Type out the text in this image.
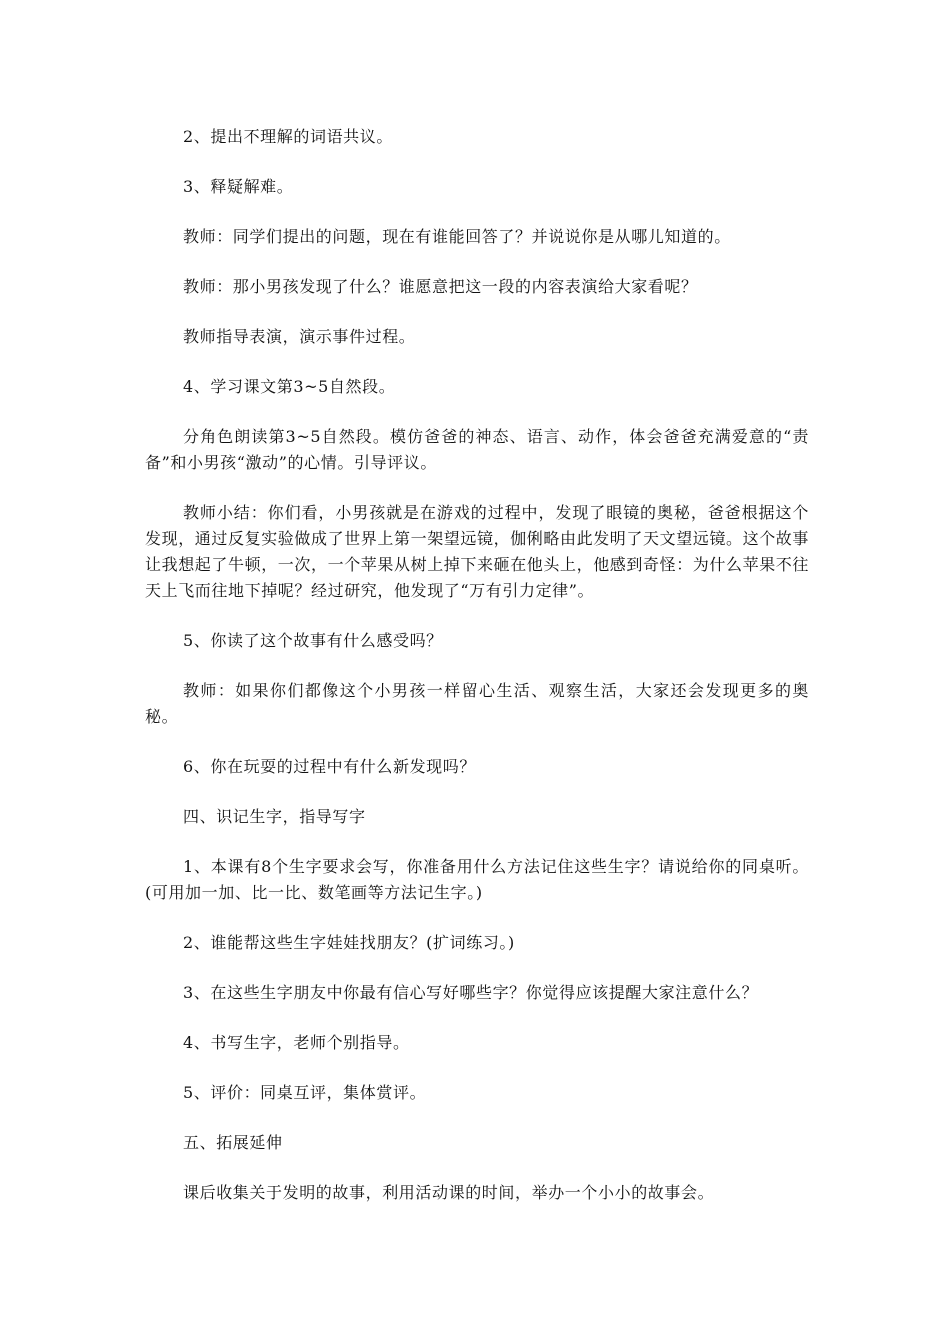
2、提出不理解的词语共议。

3、释疑解难。

教师：同学们提出的问题，现在有谁能回答了？并说说你是从哪儿知道的。

教师：那小男孩发现了什么？谁愿意把这一段的内容表演给大家看呢？

教师指导表演，演示事件过程。

4、学习课文第3~5自然段。

分角色朗读第3~5自然段。模仿爸爸的神态、语言、动作，体会爸爸充满爱意的“责备”和小男孩“激动”的心情。引导评议。

教师小结：你们看，小男孩就是在游戏的过程中，发现了眼镜的奥秘，爸爸根据这个发现，通过反复实验做成了世界上第一架望远镜，伽俐略由此发明了天文望远镜。这个故事让我想起了牛顿，一次，一个苹果从树上掉下来砸在他头上，他感到奇怪：为什么苹果不往天上飞而往地下掉呢？经过研究，他发现了“万有引力定律”。

5、你读了这个故事有什么感受吗？

教师：如果你们都像这个小男孩一样留心生活、观察生活，大家还会发现更多的奥秘。

6、你在玩耍的过程中有什么新发现吗？

四、识记生字，指导写字

1、本课有8个生字要求会写，你准备用什么方法记住这些生字？请说给你的同桌听。(可用加一加、比一比、数笔画等方法记生字。)

2、谁能帮这些生字娃娃找朋友？(扩词练习。)

3、在这些生字朋友中你最有信心写好哪些字？你觉得应该提醒大家注意什么？

4、书写生字，老师个别指导。

5、评价：同桌互评，集体赏评。

五、拓展延伸

课后收集关于发明的故事，利用活动课的时间，举办一个小小的故事会。
